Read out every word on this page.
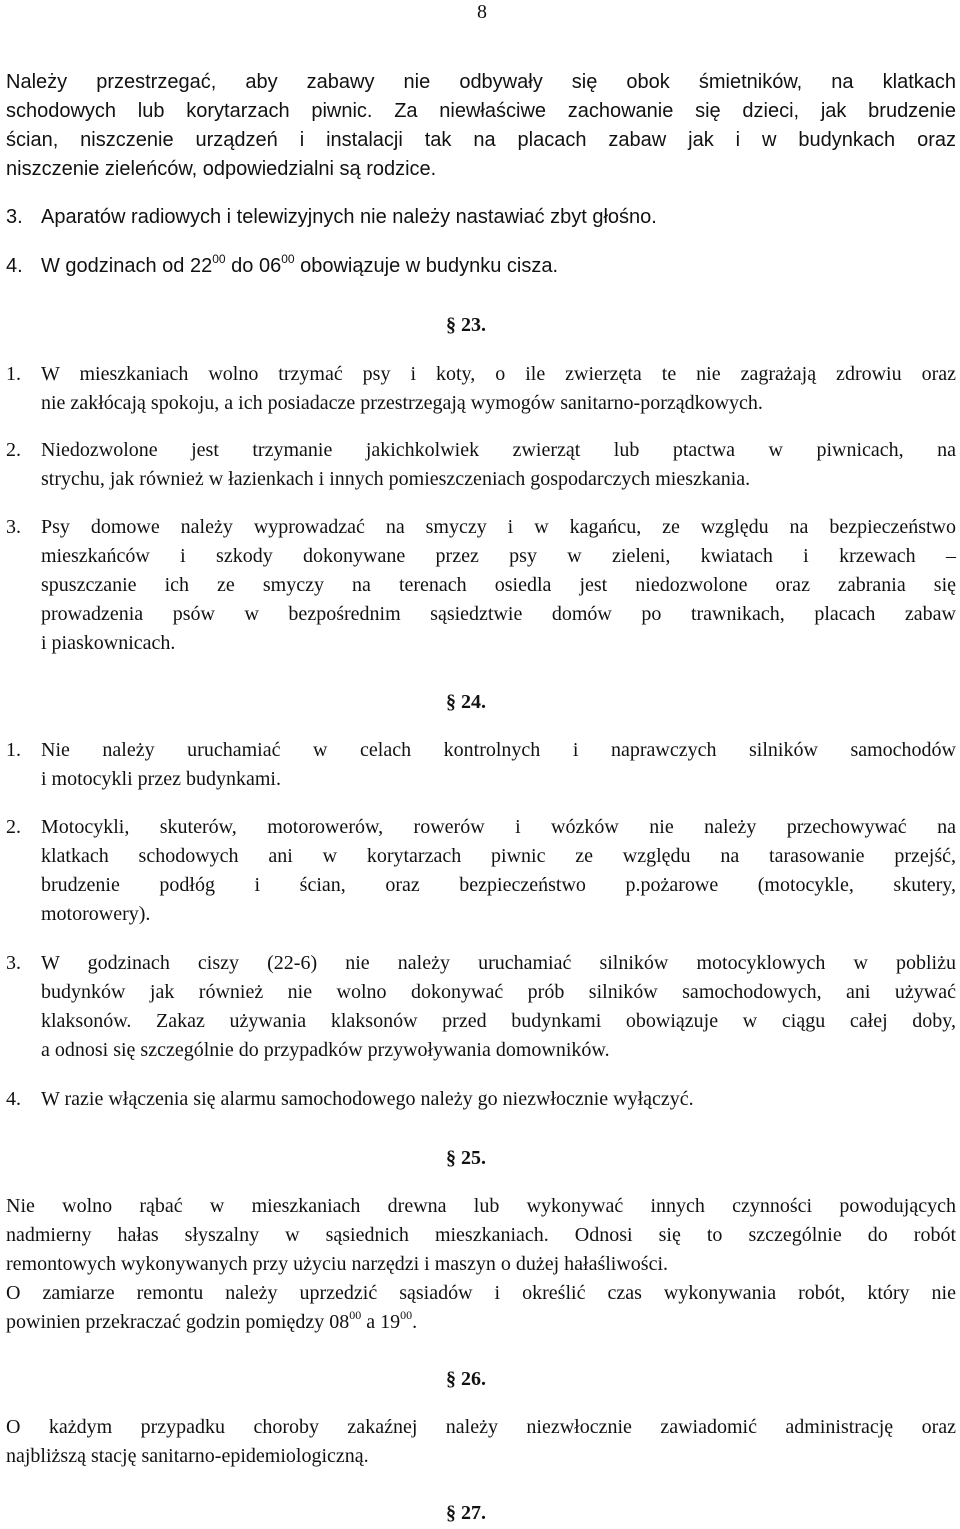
8
Należy przestrzegać, aby zabawy nie odbywały się obok śmietników, na klatkach
schodowych lub korytarzach piwnic. Za niewłaściwe zachowanie się dzieci, jak brudzenie
ścian, niszczenie urządzeń i instalacji tak na placach zabaw jak i w budynkach oraz
niszczenie zieleńców, odpowiedzialni są rodzice.
3. Aparatów radiowych i telewizyjnych nie należy nastawiać zbyt głośno.
4. W godzinach od $22^{00}$ do $06^{00}$ obowiązuje w budynku cisza.
§ 23.
1. W mieszkaniach wolno trzymać psy i koty, o ile zwierzęta te nie zagrażają zdrowiu oraz
nie zakłócają spokoju, a ich posiadacze przestrzegają wymogów sanitarno-porządkowych.
2. Niedozwolone jest trzymanie jakichkolwiek zwierząt lub ptactwa w piwnicach, na
strychu, jak również w łazienkach i innych pomieszczeniach gospodarczych mieszkania.
3. Psy domowe należy wyprowadzać na smyczy i w kagańcu, ze względu na bezpieczeństwo
mieszkańców i szkody dokonywane przez psy w zieleni, kwiatach i krzewach –
spuszczanie ich ze smyczy na terenach osiedla jest niedozwolone oraz zabrania się
prowadzenia psów w bezpośrednim sąsiedztwie domów po trawnikach, placach zabaw
i piaskownicach.
§ 24.
1. Nie należy uruchamiać w celach kontrolnych i naprawczych silników samochodów
i motocykli przez budynkami.
2. Motocykli, skuterów, motorowerów, rowerów i wózków nie należy przechowywać na
klatkach schodowych ani w korytarzach piwnic ze względu na tarasowanie przejść,
brudzenie podłóg i ścian, oraz bezpieczeństwo p.pożarowe (motocykle, skutery,
motorowery).
3. W godzinach ciszy (22-6) nie należy uruchamiać silników motocyklowych w pobliżu
budynków jak również nie wolno dokonywać prób silników samochodowych, ani używać
klaksonów. Zakaz używania klaksonów przed budynkami obowiązuje w ciągu całej doby,
a odnosi się szczególnie do przypadków przywoływania domowników.
4. W razie włączenia się alarmu samochodowego należy go niezwłocznie wyłączyć.
§ 25.
Nie wolno rąbać w mieszkaniach drewna lub wykonywać innych czynności powodujących
nadmierny hałas słyszalny w sąsiednich mieszkaniach. Odnosi się to szczególnie do robót
remontowych wykonywanych przy użyciu narzędzi i maszyn o dużej hałaśliwości.
O zamiarze remontu należy uprzedzić sąsiadów i określić czas wykonywania robót, który nie
powinien przekraczać godzin pomiędzy $08^{00}$ a $19^{00}$.
§ 26.
O każdym przypadku choroby zakaźnej należy niezwłocznie zawiadomić administrację oraz
najbliższą stację sanitarno-epidemiologiczną.
§ 27.
